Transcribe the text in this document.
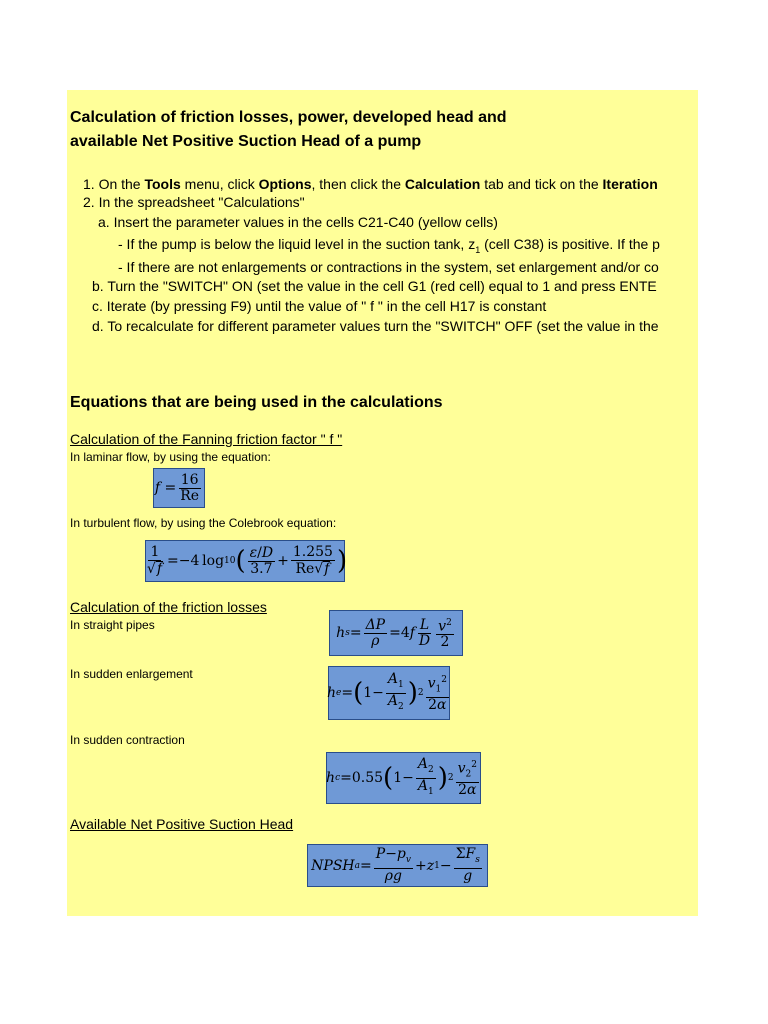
Calculation of friction losses, power, developed head and
available Net Positive Suction Head of a pump
1. On the Tools menu, click Options, then click the Calculation tab and tick on the Iteration
2. In the spreadsheet "Calculations"
a. Insert the parameter values in the cells C21-C40 (yellow cells)
- If the pump is below the liquid level in the suction tank, $z_1$ (cell C38) is positive. If the p
- If there are not enlargements or contractions in the system, set enlargement and/or co
b. Turn the "SWITCH" ON (set the value in the cell G1 (red cell) equal to 1 and press ENTE
c. Iterate (by pressing F9) until the value of " f " in the cell H17 is constant
d. To recalculate for different parameter values turn the "SWITCH" OFF (set the value in the
Equations that are being used in the calculations
Calculation of the Fanning friction factor " f "
In laminar flow, by using the equation:
$f = \frac{16}{Re}$
In turbulent flow, by using the Colebrook equation:
$\frac{1}{√f} =-4$ log 10 ( $\frac{\varepsilon/D}{3.7} + \frac{1.255}{Re√f}$ )
Calculation of the friction losses
In straight pipes	h $s = \frac{\Delta P}{\rho} =4$ f $\frac{L}{D} \frac{v^2}{2}$
In sudden enlargement
h e = ( $1- \frac{A_1}{A_2}$ ) $2 \frac{v_1^2}{2\alpha}$
In sudden contraction
h c =0.55 ( $1- \frac{A_2}{A_1}$ ) $2 \frac{v_2^2}{2\alpha}$
Available Net Positive Suction Head
NPSH $a = \frac{P-p_v}{\rho g} + z$ $1 - \frac{\Sigma F_s}{g}$
